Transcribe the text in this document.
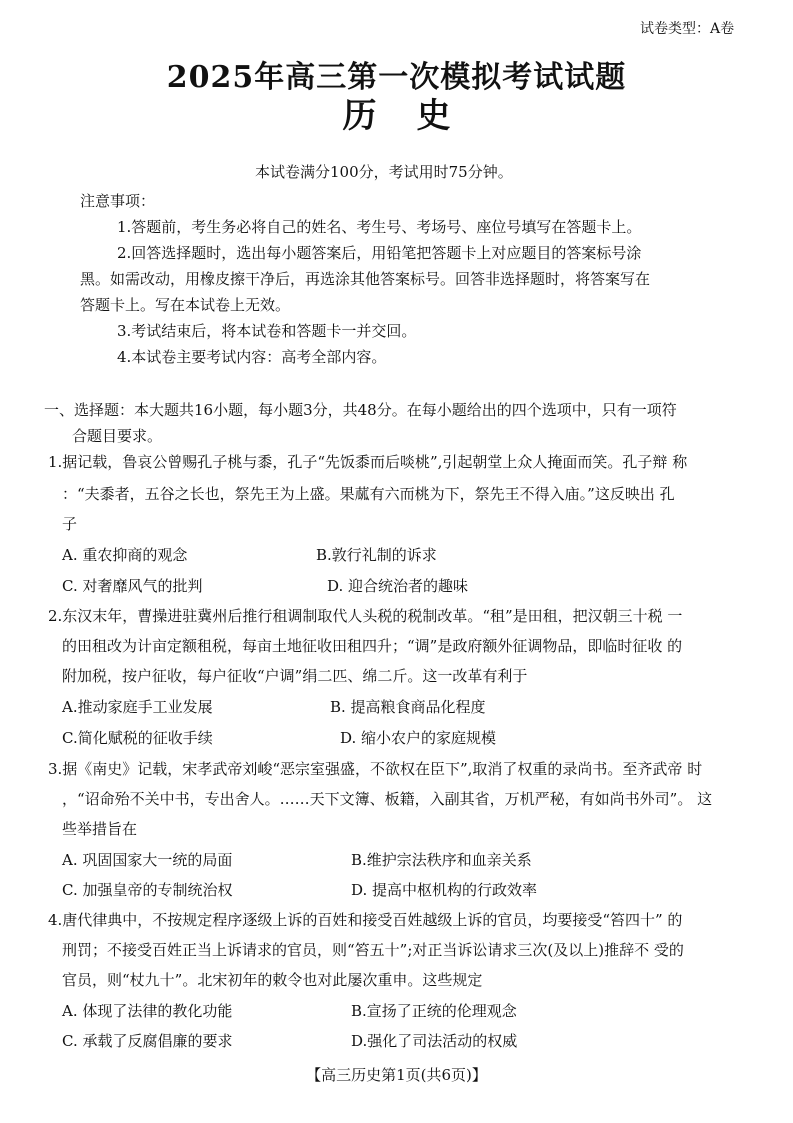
试卷类型：A卷
2025年高三第一次模拟考试试题
历 史
本试卷满分100分，考试用时75分钟。
注意事项：
1.答题前，考生务必将自己的姓名、考生号、考场号、座位号填写在答题卡上。
2.回答选择题时，选出每小题答案后，用铅笔把答题卡上对应题目的答案标号涂
黑。如需改动，用橡皮擦干净后，再选涂其他答案标号。回答非选择题时，将答案写在
答题卡上。写在本试卷上无效。
3.考试结束后，将本试卷和答题卡一并交回。
4.本试卷主要考试内容：高考全部内容。
一、选择题：本大题共16小题，每小题3分，共48分。在每小题给出的四个选项中，只有一项符
合题目要求。
1.据记载，鲁哀公曾赐孔子桃与黍，孔子“先饭黍而后啖桃”,引起朝堂上众人掩面而笑。孔子辩 称
：“夫黍者，五谷之长也，祭先王为上盛。果蓏有六而桃为下，祭先王不得入庙。”这反映出 孔
子
A. 重农抑商的观念	B.敦行礼制的诉求
C. 对奢靡风气的批判	D. 迎合统治者的趣味
2.东汉末年，曹操进驻冀州后推行租调制取代人头税的税制改革。“租”是田租，把汉朝三十税 一
的田租改为计亩定额租税，每亩土地征收田租四升；“调”是政府额外征调物品，即临时征收 的
附加税，按户征收，每户征收“户调”绢二匹、绵二斤。这一改革有利于
A.推动家庭手工业发展	B. 提高粮食商品化程度
C.简化赋税的征收手续	D. 缩小农户的家庭规模
3.据《南史》记载，宋孝武帝刘峻“恶宗室强盛，不欲权在臣下”,取消了权重的录尚书。至齐武帝 时
，“诏命殆不关中书，专出舍人。……天下文簿、板籍，入副其省，万机严秘，有如尚书外司”。 这
些举措旨在
A. 巩固国家大一统的局面	B.维护宗法秩序和血亲关系
C. 加强皇帝的专制统治权	D. 提高中枢机构的行政效率
4.唐代律典中，不按规定程序逐级上诉的百姓和接受百姓越级上诉的官员，均要接受“笞四十” 的
刑罚；不接受百姓正当上诉请求的官员，则“笞五十”;对正当诉讼请求三次(及以上)推辞不 受的
官员，则“杖九十”。北宋初年的敕令也对此屡次重申。这些规定
A. 体现了法律的教化功能	B.宣扬了正统的伦理观念
C. 承载了反腐倡廉的要求	D.强化了司法活动的权威
【高三历史第1页(共6页)】
